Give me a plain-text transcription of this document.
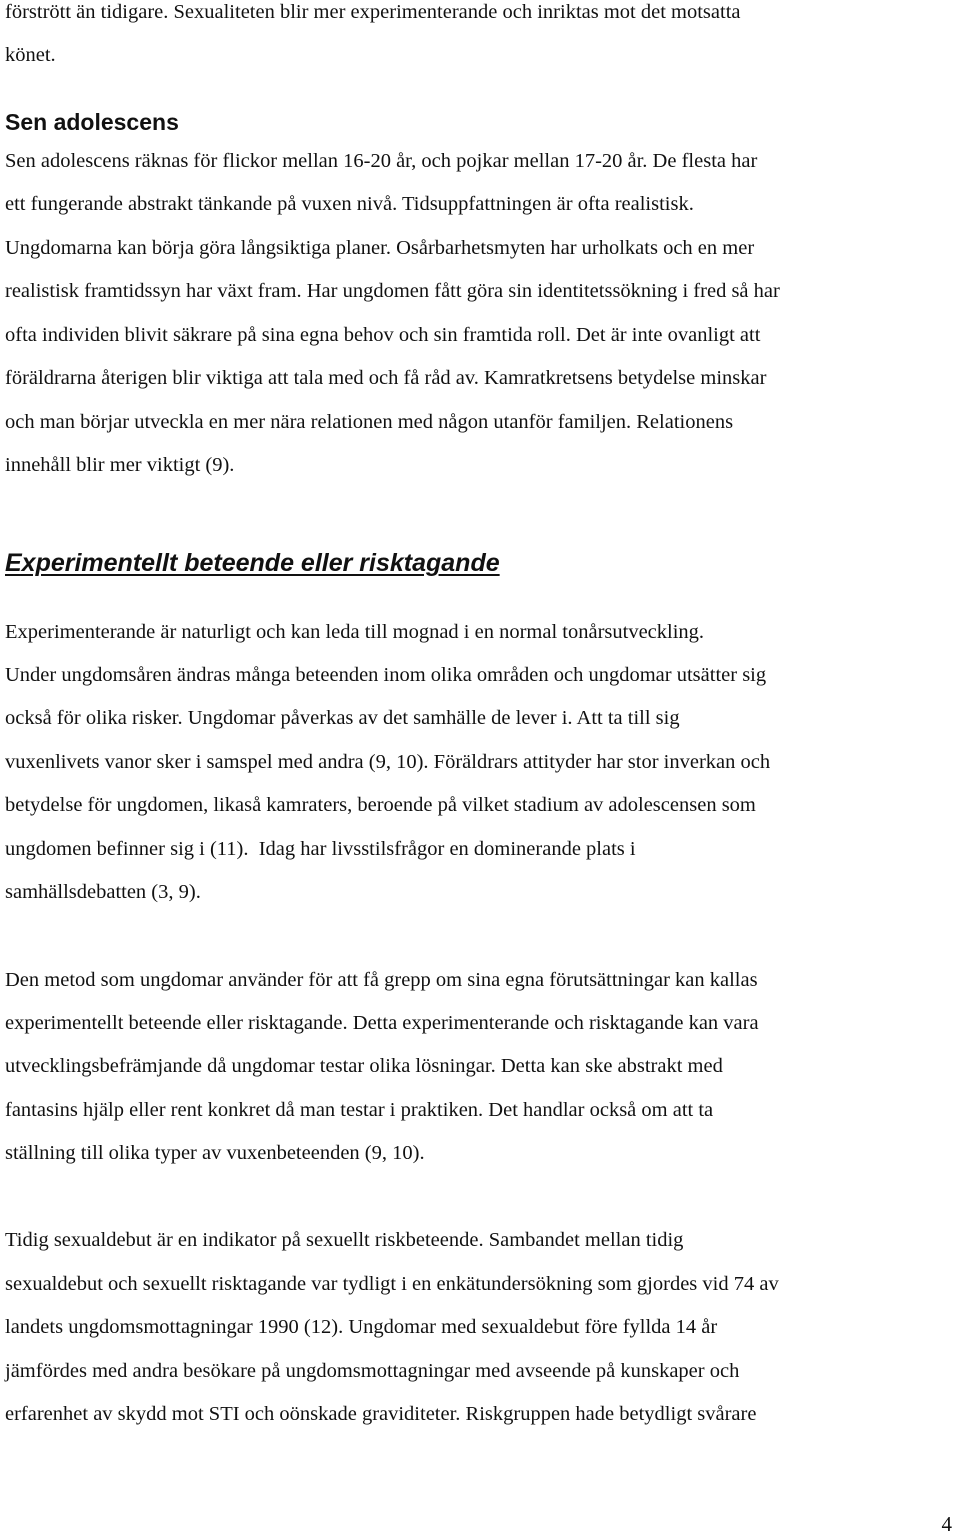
förstrött än tidigare. Sexualiteten blir mer experimenterande och inriktas mot det motsatta
könet.
Sen adolescens
Sen adolescens räknas för flickor mellan 16-20 år, och pojkar mellan 17-20 år. De flesta har
ett fungerande abstrakt tänkande på vuxen nivå. Tidsuppfattningen är ofta realistisk.
Ungdomarna kan börja göra långsiktiga planer. Osårbarhetsmyten har urholkats och en mer
realistisk framtidssyn har växt fram. Har ungdomen fått göra sin identitetssökning i fred så har
ofta individen blivit säkrare på sina egna behov och sin framtida roll. Det är inte ovanligt att
föräldrarna återigen blir viktiga att tala med och få råd av. Kamratkretsens betydelse minskar
och man börjar utveckla en mer nära relationen med någon utanför familjen. Relationens
innehåll blir mer viktigt (9).
Experimentellt beteende eller risktagande
Experimenterande är naturligt och kan leda till mognad i en normal tonårsutveckling.
Under ungdomsåren ändras många beteenden inom olika områden och ungdomar utsätter sig
också för olika risker. Ungdomar påverkas av det samhälle de lever i. Att ta till sig
vuxenlivets vanor sker i samspel med andra (9, 10). Föräldrars attityder har stor inverkan och
betydelse för ungdomen, likaså kamraters, beroende på vilket stadium av adolescensen som
ungdomen befinner sig i (11).  Idag har livsstilsfrågor en dominerande plats i
samhällsdebatten (3, 9).
Den metod som ungdomar använder för att få grepp om sina egna förutsättningar kan kallas
experimentellt beteende eller risktagande. Detta experimenterande och risktagande kan vara
utvecklingsbefrämjande då ungdomar testar olika lösningar. Detta kan ske abstrakt med
fantasins hjälp eller rent konkret då man testar i praktiken. Det handlar också om att ta
ställning till olika typer av vuxenbeteenden (9, 10).
Tidig sexualdebut är en indikator på sexuellt riskbeteende. Sambandet mellan tidig
sexualdebut och sexuellt risktagande var tydligt i en enkätundersökning som gjordes vid 74 av
landets ungdomsmottagningar 1990 (12). Ungdomar med sexualdebut före fyllda 14 år
jämfördes med andra besökare på ungdomsmottagningar med avseende på kunskaper och
erfarenhet av skydd mot STI och oönskade graviditeter. Riskgruppen hade betydligt svårare
4
